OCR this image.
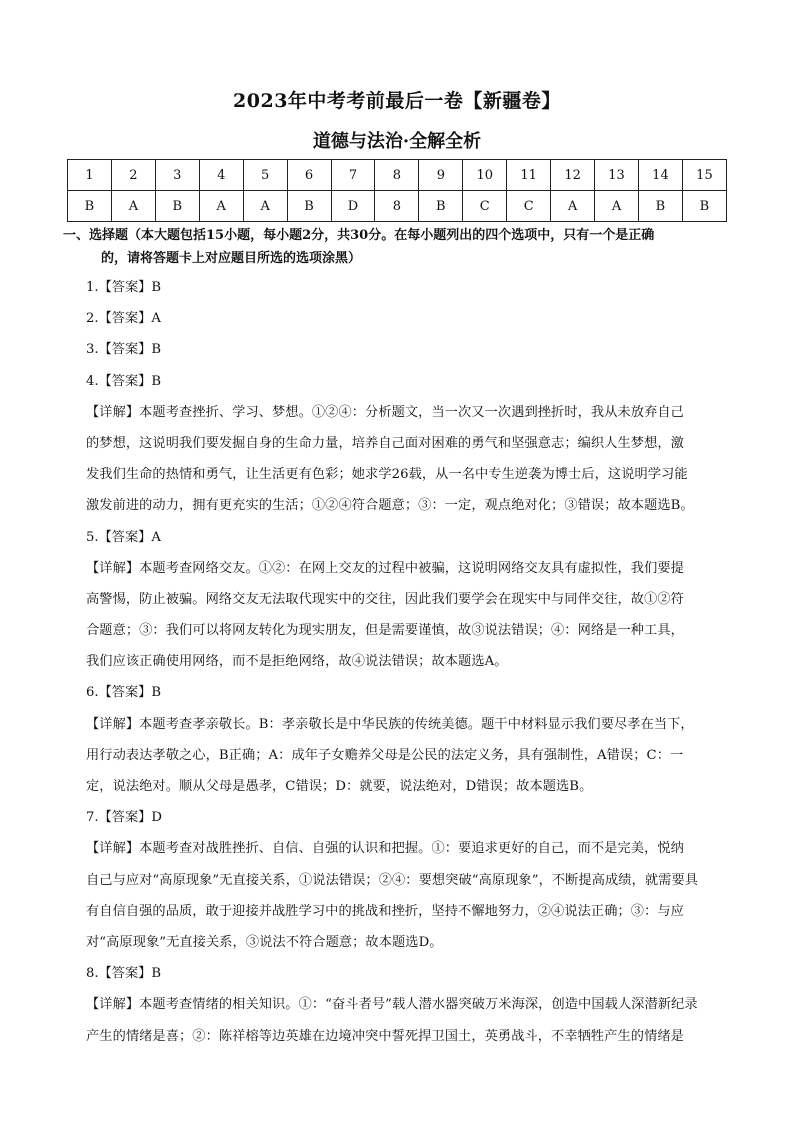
2023年中考考前最后一卷【新疆卷】
道德与法治·全解全析
1	2	3	4	5	6	7	8	9	10	11	12	13	14	15
B	A	B	A	A	B	D	8	B	C	C	A	A	B	B
一、选择题（本大题包括15小题，每小题2分，共30分。在每小题列出的四个选项中，只有一个是正确
的，请将答题卡上对应题目所选的选项涂黑）
1.【答案】B
2.【答案】A
3.【答案】B
4.【答案】B
【详解】本题考查挫折、学习、梦想。①②④：分析题文，当一次又一次遇到挫折时，我从未放弃自己
的梦想，这说明我们要发掘自身的生命力量，培养自己面对困难的勇气和坚强意志；编织人生梦想，激
发我们生命的热情和勇气，让生活更有色彩；她求学26载，从一名中专生逆袭为博士后，这说明学习能
激发前进的动力，拥有更充实的生活；①②④符合题意；③：一定，观点绝对化；③错误；故本题选B。
5.【答案】A
【详解】本题考查网络交友。①②：在网上交友的过程中被骗，这说明网络交友具有虚拟性，我们要提
高警惕，防止被骗。网络交友无法取代现实中的交往，因此我们要学会在现实中与同伴交往，故①②符
合题意；③：我们可以将网友转化为现实朋友，但是需要谨慎，故③说法错误；④：网络是一种工具，
我们应该正确使用网络，而不是拒绝网络，故④说法错误；故本题选A。
6.【答案】B
【详解】本题考查孝亲敬长。B：孝亲敬长是中华民族的传统美德。题干中材料显示我们要尽孝在当下，
用行动表达孝敬之心，B正确；A：成年子女赡养父母是公民的法定义务，具有强制性，A错误；C：一
定，说法绝对。顺从父母是愚孝，C错误；D：就要，说法绝对，D错误；故本题选B。
7.【答案】D
【详解】本题考查对战胜挫折、自信、自强的认识和把握。①：要追求更好的自己，而不是完美，悦纳
自己与应对“高原现象”无直接关系，①说法错误；②④：要想突破“高原现象”，不断提高成绩，就需要具
有自信自强的品质，敢于迎接并战胜学习中的挑战和挫折，坚持不懈地努力，②④说法正确；③：与应
对“高原现象”无直接关系，③说法不符合题意；故本题选D。
8.【答案】B
【详解】本题考查情绪的相关知识。①：“奋斗者号”载人潜水器突破万米海深，创造中国载人深潜新纪录
产生的情绪是喜；②：陈祥榕等边英雄在边境冲突中誓死捍卫国土，英勇战斗，不幸牺牲产生的情绪是
